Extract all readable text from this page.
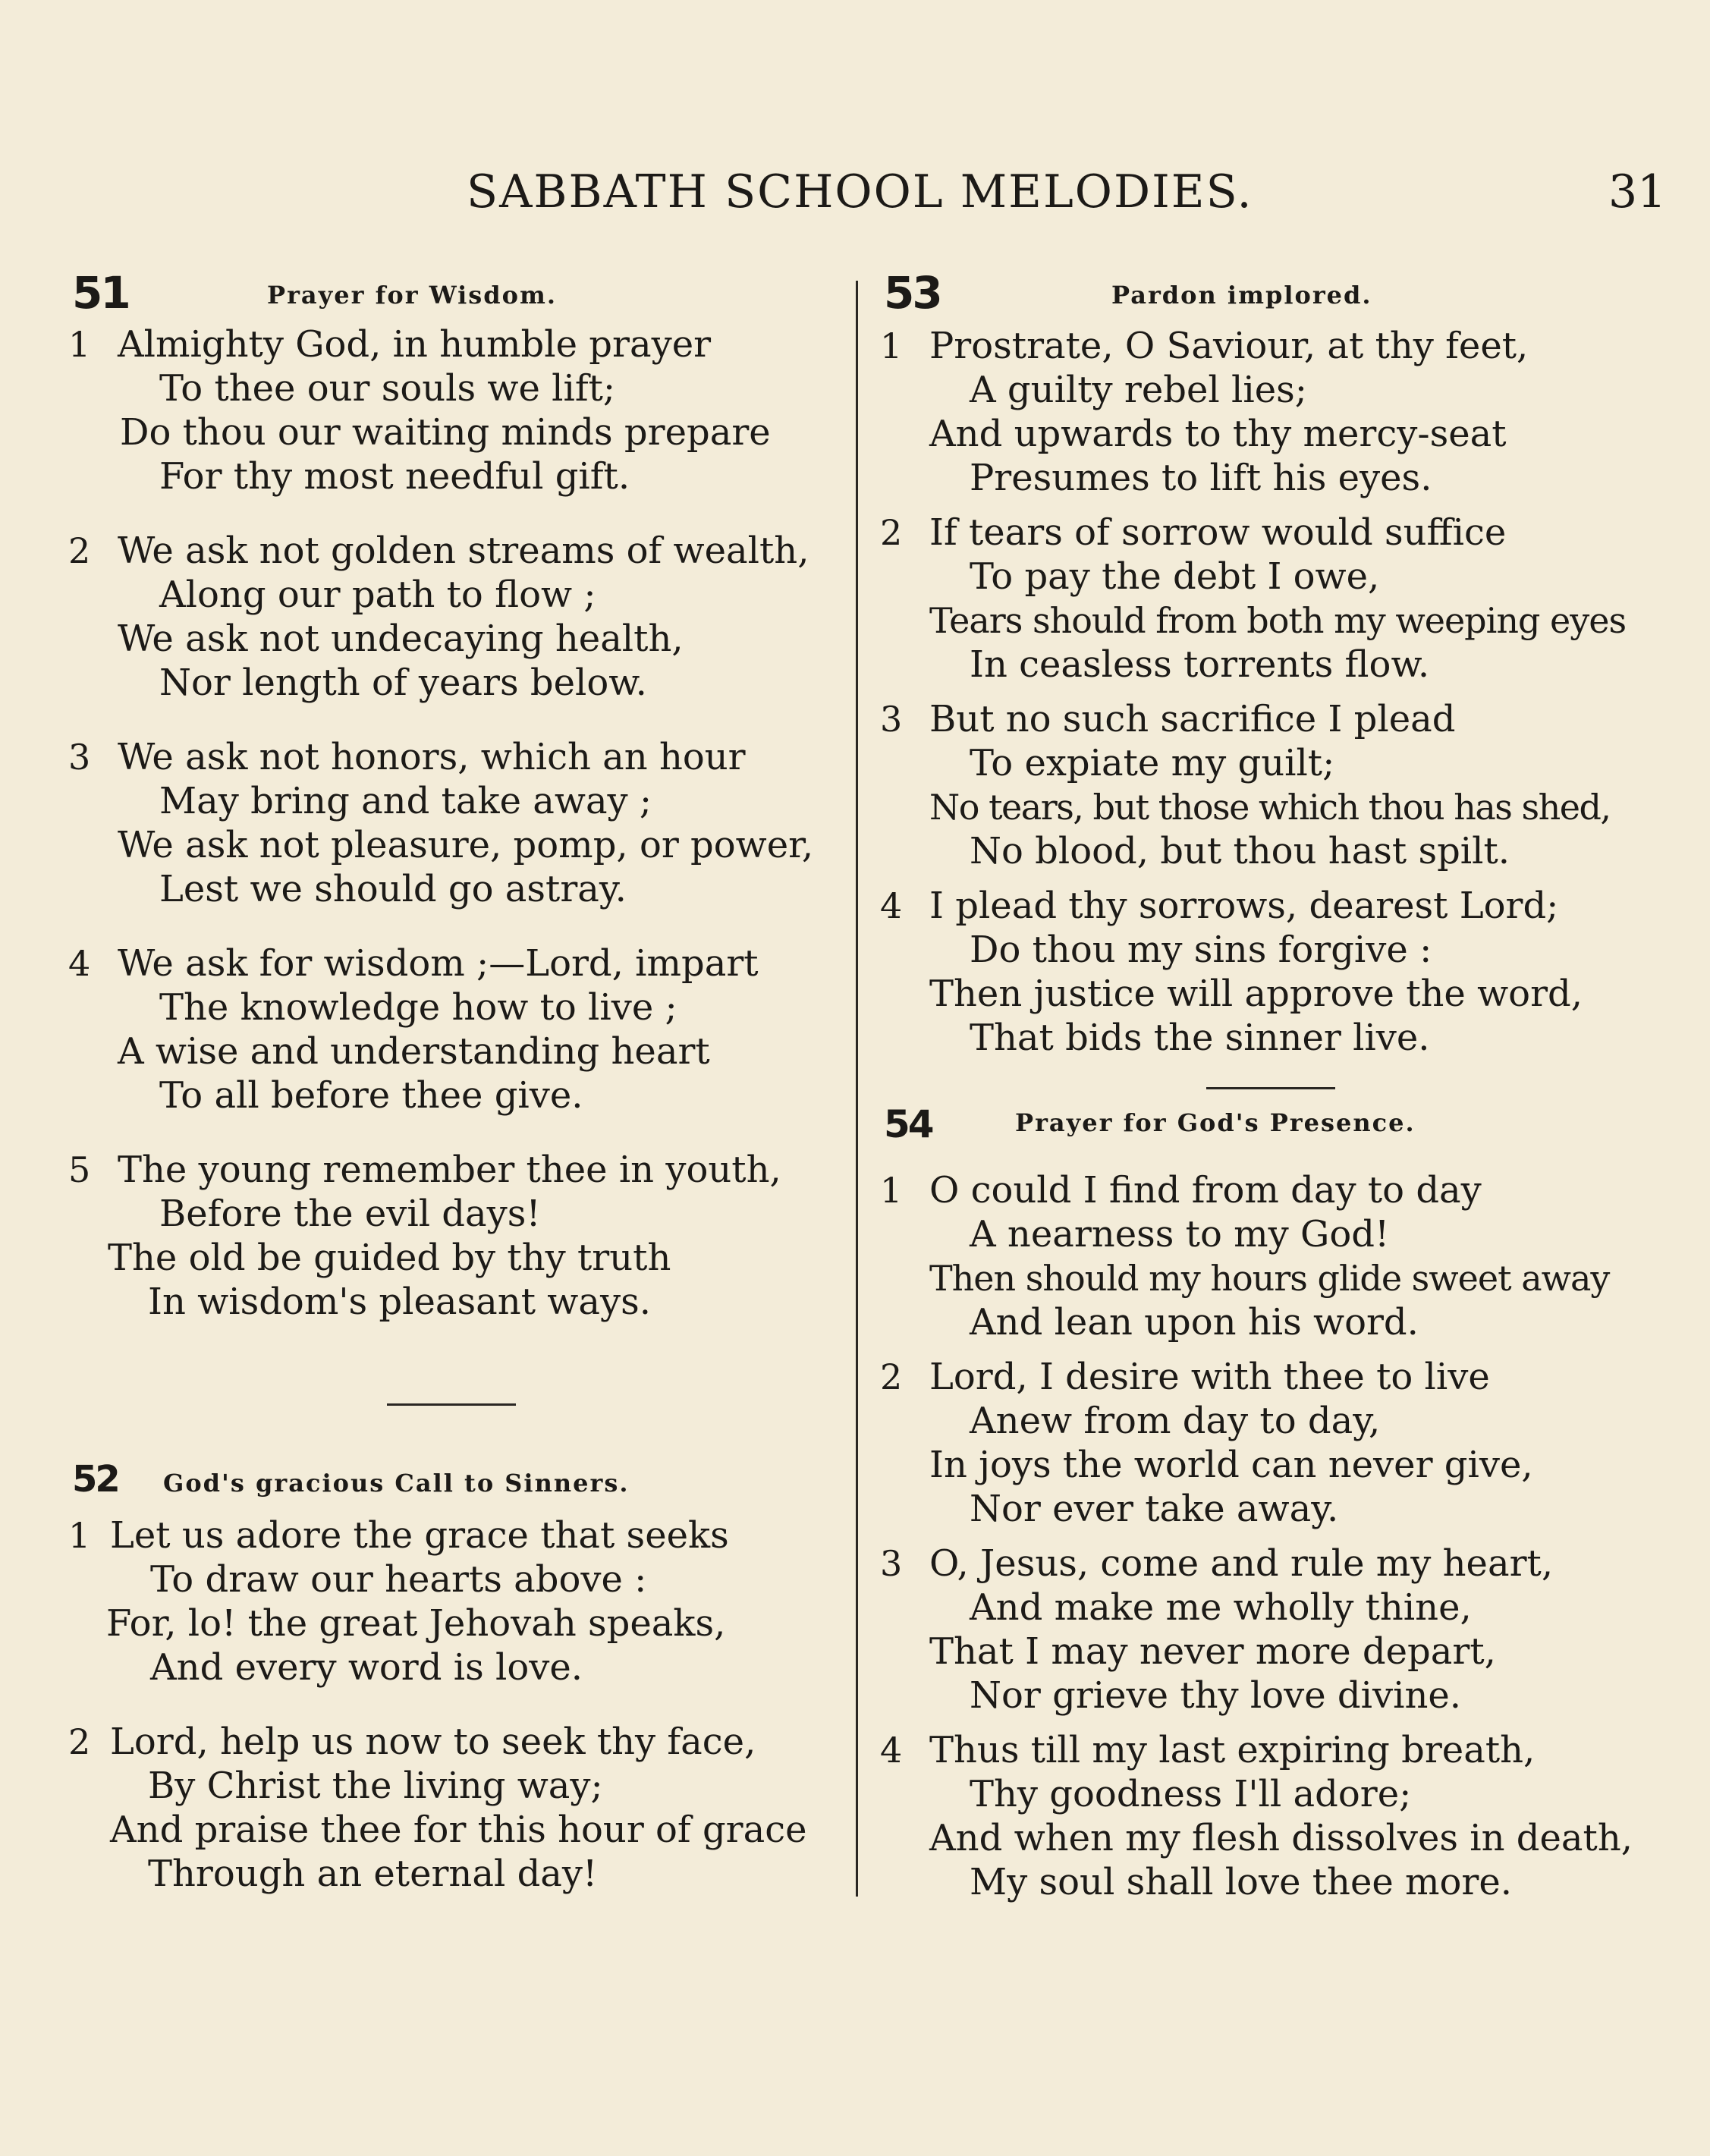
SABBATH SCHOOL MELODIES.	31
51	Prayer for Wisdom.
1 Almighty God, in humble prayer
To thee our souls we lift;
Do thou our waiting minds prepare
For thy most needful gift.
2 We ask not golden streams of wealth,
Along our path to flow ;
We ask not undecaying health,
Nor length of years below.
3 We ask not honors, which an hour
May bring and take away ;
We ask not pleasure, pomp, or power,
Lest we should go astray.
4 We ask for wisdom ;—Lord, impart
The knowledge how to live ;
A wise and understanding heart
To all before thee give.
5 The young remember thee in youth,
Before the evil days!
The old be guided by thy truth
In wisdom's pleasant ways.
52 God's gracious Call to Sinners.
1 Let us adore the grace that seeks
To draw our hearts above :
For, lo! the great Jehovah speaks,
And every word is love.
2 Lord, help us now to seek thy face,
By Christ the living way;
And praise thee for this hour of grace
Through an eternal day!
53	Pardon implored.
1 Prostrate, O Saviour, at thy feet,
A guilty rebel lies;
And upwards to thy mercy-seat
Presumes to lift his eyes.
2 If tears of sorrow would suffice
To pay the debt I owe,
Tears should from both my weeping eyes
In ceasless torrents flow.
3 But no such sacrifice I plead
To expiate my guilt;
No tears, but those which thou has shed,
No blood, but thou hast spilt.
4 I plead thy sorrows, dearest Lord;
Do thou my sins forgive :
Then justice will approve the word,
That bids the sinner live.
54	Prayer for God's Presence.
1 O could I find from day to day
A nearness to my God!
Then should my hours glide sweet away
And lean upon his word.
2 Lord, I desire with thee to live
Anew from day to day,
In joys the world can never give,
Nor ever take away.
3 O, Jesus, come and rule my heart,
And make me wholly thine,
That I may never more depart,
Nor grieve thy love divine.
4 Thus till my last expiring breath,
Thy goodness I'll adore;
And when my flesh dissolves in death,
My soul shall love thee more.
